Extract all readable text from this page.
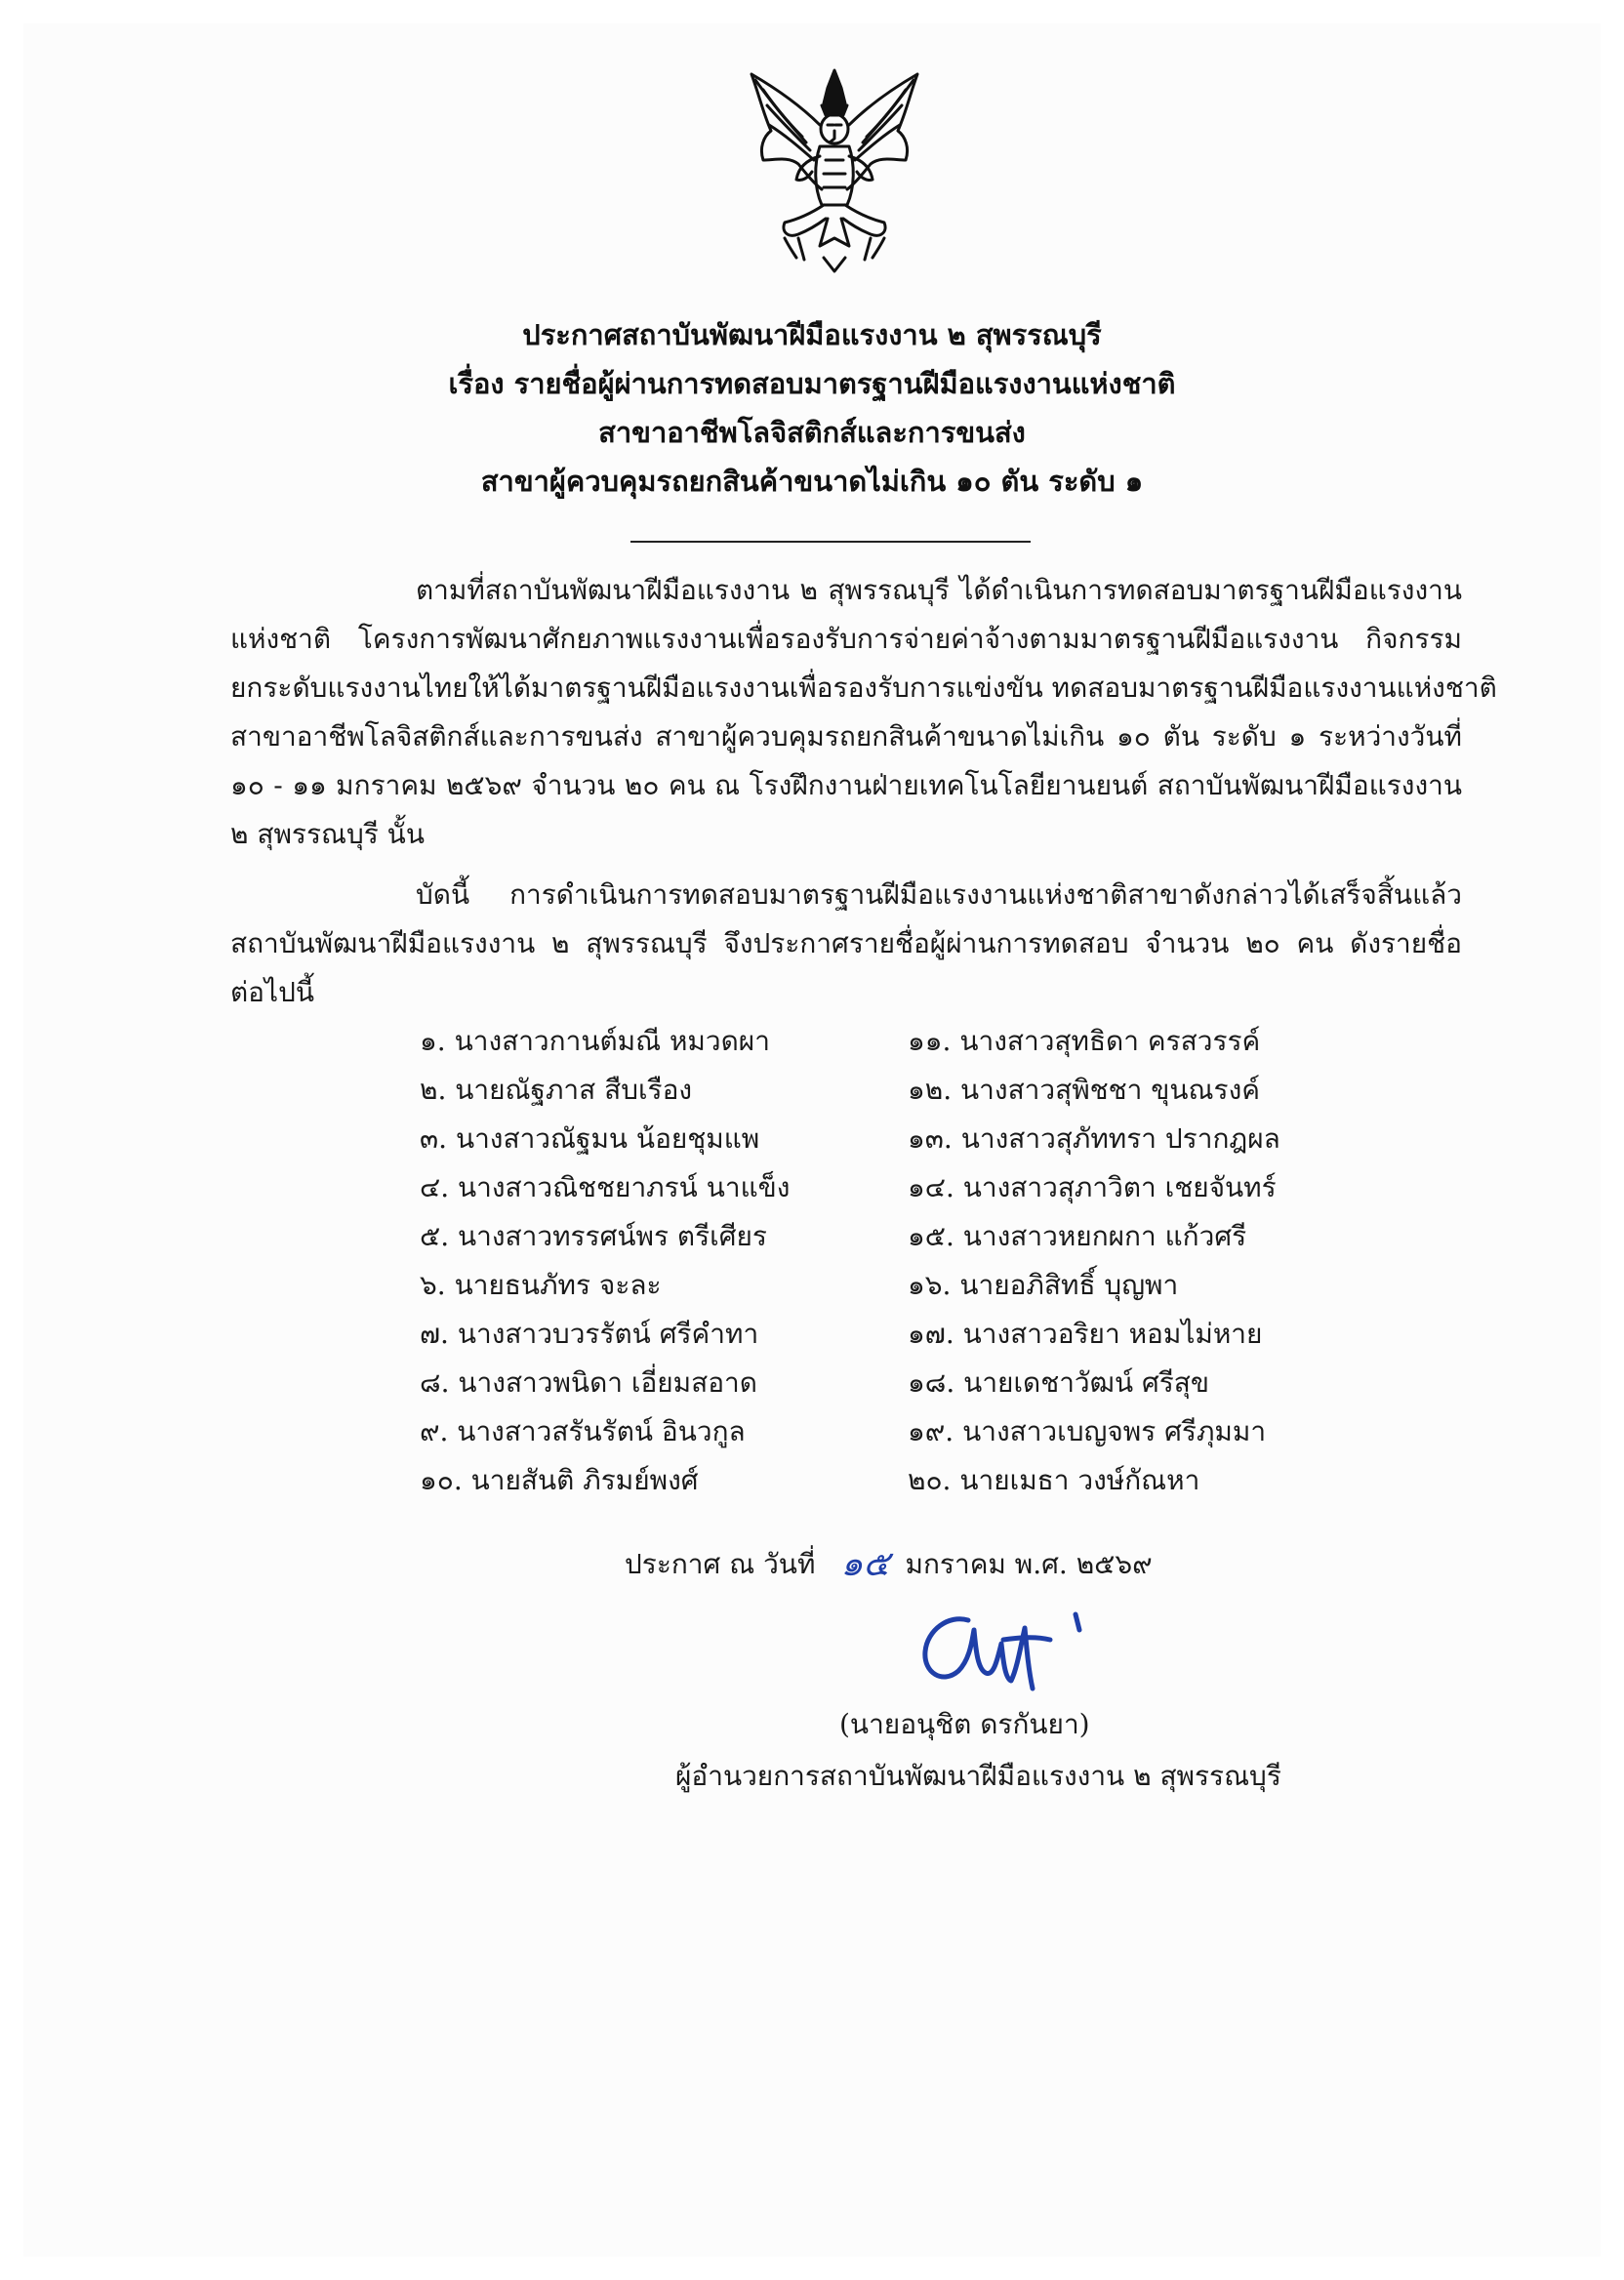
ประกาศสถาบันพัฒนาฝีมือแรงงาน ๒ สุพรรณบุรี
เรื่อง รายชื่อผู้ผ่านการทดสอบมาตรฐานฝีมือแรงงานแห่งชาติ
สาขาอาชีพโลจิสติกส์และการขนส่ง
สาขาผู้ควบคุมรถยกสินค้าขนาดไม่เกิน ๑๐ ตัน ระดับ ๑
ตามที่สถาบันพัฒนาฝีมือแรงงาน ๒ สุพรรณบุรี ได้ดำเนินการทดสอบมาตรฐานฝีมือแรงงาน
แห่งชาติ โครงการพัฒนาศักยภาพแรงงานเพื่อรองรับการจ่ายค่าจ้างตามมาตรฐานฝีมือแรงงาน กิจกรรม
ยกระดับแรงงานไทยให้ได้มาตรฐานฝีมือแรงงานเพื่อรองรับการแข่งขัน ทดสอบมาตรฐานฝีมือแรงงานแห่งชาติ
สาขาอาชีพโลจิสติกส์และการขนส่ง สาขาผู้ควบคุมรถยกสินค้าขนาดไม่เกิน ๑๐ ตัน ระดับ ๑ ระหว่างวันที่
๑๐ - ๑๑ มกราคม ๒๕๖๙ จำนวน ๒๐ คน ณ โรงฝึกงานฝ่ายเทคโนโลยียานยนต์ สถาบันพัฒนาฝีมือแรงงาน
๒ สุพรรณบุรี นั้น
บัดนี้ การดำเนินการทดสอบมาตรฐานฝีมือแรงงานแห่งชาติสาขาดังกล่าวได้เสร็จสิ้นแล้ว
สถาบันพัฒนาฝีมือแรงงาน ๒ สุพรรณบุรี จึงประกาศรายชื่อผู้ผ่านการทดสอบ จำนวน ๒๐ คน ดังรายชื่อ
ต่อไปนี้
๑. นางสาวกานต์มณี หมวดผา
๒. นายณัฐภาส สืบเรือง
๓. นางสาวณัฐมน น้อยชุมแพ
๔. นางสาวณิชชยาภรน์ นาแข็ง
๕. นางสาวทรรศน์พร ตรีเศียร
๖. นายธนภัทร จะละ
๗. นางสาวบวรรัตน์ ศรีคำทา
๘. นางสาวพนิดา เอี่ยมสอาด
๙. นางสาวสรันรัตน์ อินวกูล
๑๐. นายสันติ ภิรมย์พงศ์
๑๑. นางสาวสุทธิดา ครสวรรค์
๑๒. นางสาวสุพิชชา ขุนณรงค์
๑๓. นางสาวสุภัททรา ปรากฎผล
๑๔. นางสาวสุภาวิตา เชยจันทร์
๑๕. นางสาวหยกผกา แก้วศรี
๑๖. นายอภิสิทธิ์ บุญพา
๑๗. นางสาวอริยา หอมไม่หาย
๑๘. นายเดชาวัฒน์ ศรีสุข
๑๙. นางสาวเบญจพร ศรีภุมมา
๒๐. นายเมธา วงษ์กัณหา
ประกาศ ณ วันที่ ๑๕ มกราคม พ.ศ. ๒๕๖๙
(นายอนุชิต ดรกันยา)
ผู้อำนวยการสถาบันพัฒนาฝีมือแรงงาน ๒ สุพรรณบุรี
